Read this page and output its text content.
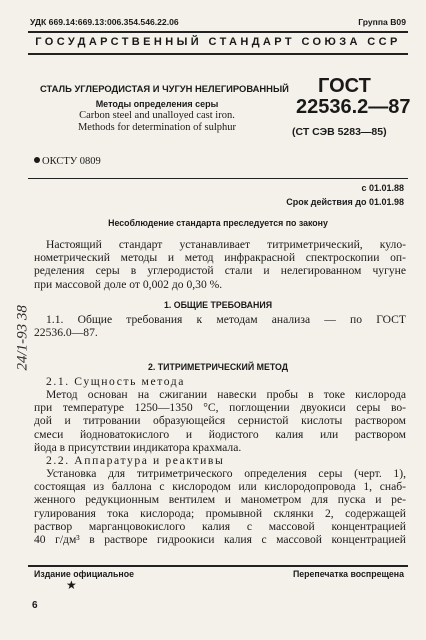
УДК 669.14:669.13:006.354.546.22.06	Группа В09
ГОСУДАРСТВЕННЫЙ СТАНДАРТ СОЮЗА ССР
СТАЛЬ УГЛЕРОДИСТАЯ И ЧУГУН НЕЛЕГИРОВАННЫЙ
Методы определения серы
Carbon steel and unalloyed cast iron.
Methods for determination of sulphur
ГОСТ
22536.2—87
(СТ СЭВ 5283—85)
ОКСТУ 0809
с 01.01.88
Срок действия до 01.01.98
Несоблюдение стандарта преследуется по закону
Настоящий стандарт устанавливает титриметрический, куло-
нометрический методы и метод инфракрасной спектроскопии оп-
ределения серы в углеродистой стали и нелегированном чугуне
при массовой доле от 0,002 до 0,30 %.
1. ОБЩИЕ ТРЕБОВАНИЯ
1.1. Общие требования к методам анализа — по ГОСТ
22536.0—87.
2. ТИТРИМЕТРИЧЕСКИЙ МЕТОД
2.1. Сущность метода
Метод основан на сжигании навески пробы в токе кислорода
при температуре 1250—1350 °С, поглощении двуокиси серы во-
дой и титровании образующейся сернистой кислоты раствором
смеси йодноватокислого и йодистого калия или раствором
йода в присутствии индикатора крахмала.
2.2. Аппаратура и реактивы
Установка для титриметрического определения серы (черт. 1),
состоящая из баллона с кислородом или кислородопровода 1, снаб-
женного редукционным вентилем и манометром для пуска и ре-
гулирования тока кислорода; промывной склянки 2, содержащей
раствор марганцовокислого калия с массовой концентрацией
40 г/дм³ в растворе гидроокиси калия с массовой концентрацией
24/1-93 38
Издание официальное	Перепечатка воспрещена
★
6
